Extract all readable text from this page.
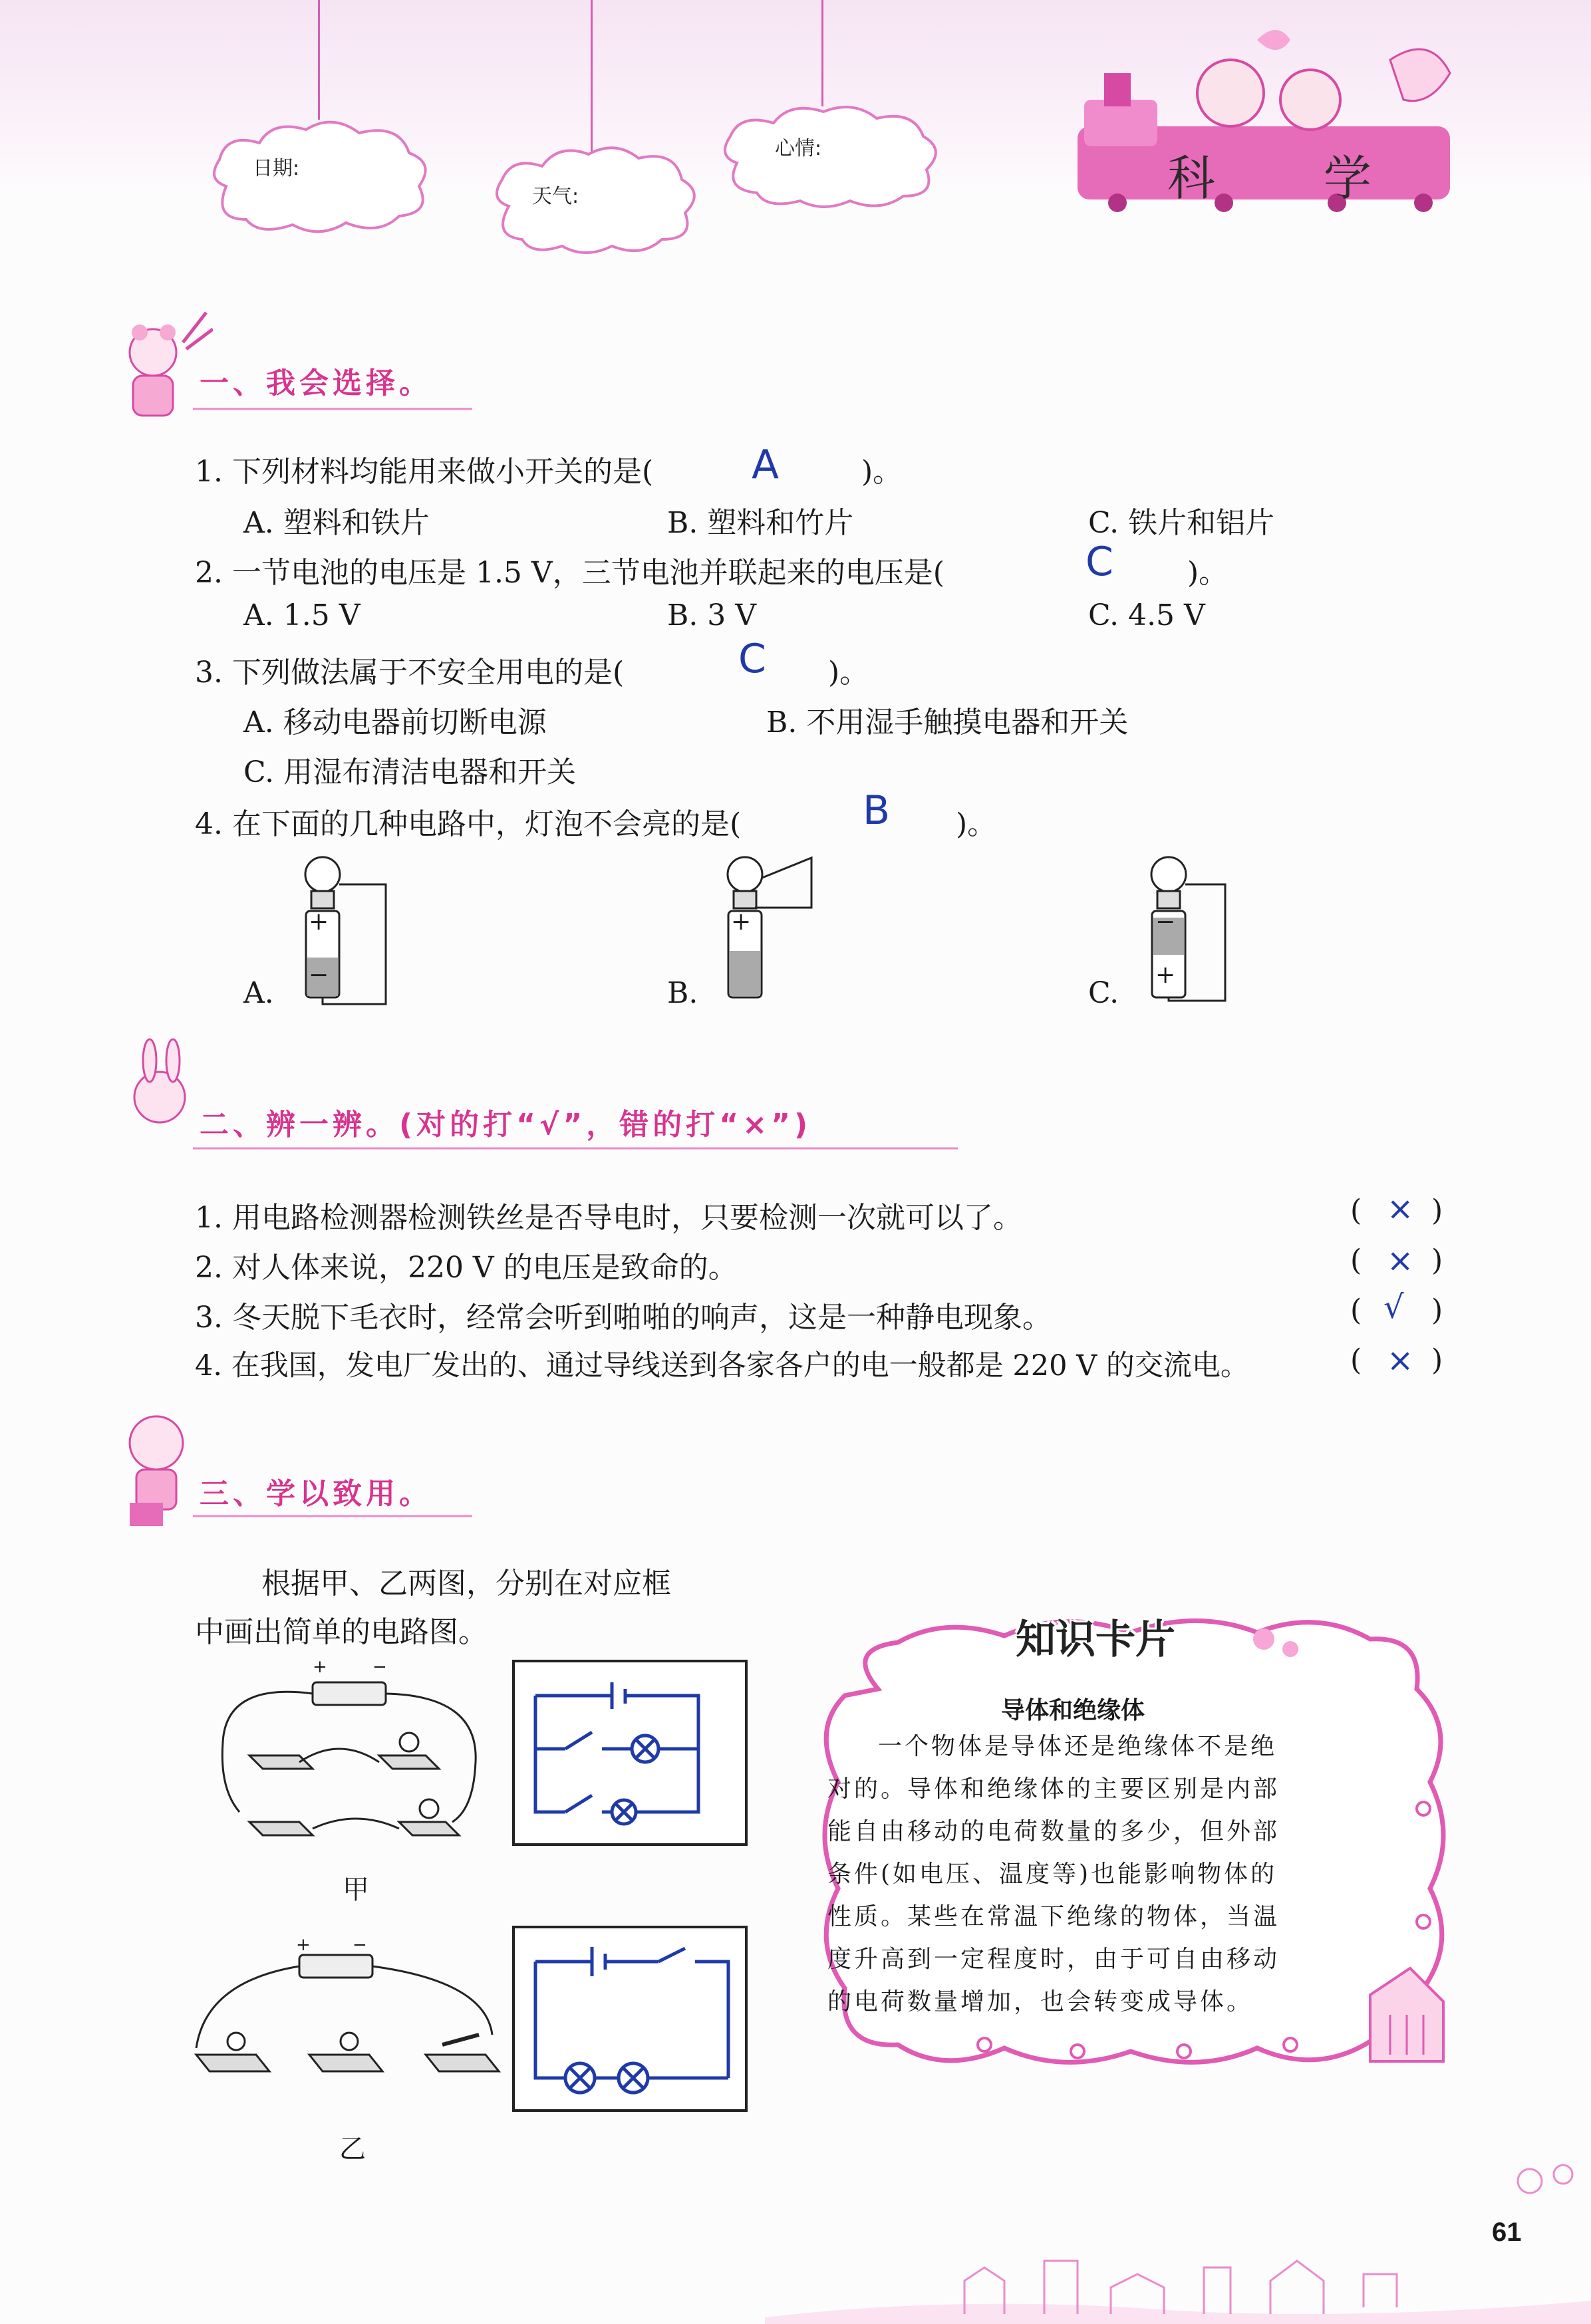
日期:
天气:
心情:
科 学
一、我会选择。
1. 下列材料均能用来做小开关的是( A	)。
A. 塑料和铁片	B. 塑料和竹片	C. 铁片和铝片
2. 一节电池的电压是 1.5 V，三节电池并联起来的电压是(	C	)。
A. 1.5 V	B. 3 V	C. 4.5 V
3. 下列做法属于不安全用电的是(	C )。
A. 移动电器前切断电源	B. 不用湿手触摸电器和开关
C. 用湿布清洁电器和开关
4. 在下面的几种电路中，灯泡不会亮的是(	B )。
+
−
A.
+
B.
−
+
C.
二、辨一辨。(对的打“√”，错的打“×”)
1. 用电路检测器检测铁丝是否导电时，只要检测一次就可以了。	( × )
2. 对人体来说，220 V 的电压是致命的。	( × )
3. 冬天脱下毛衣时，经常会听到啪啪的响声，这是一种静电现象。	( √ )
4. 在我国，发电厂发出的、通过导线送到各家各户的电一般都是 220 V 的交流电。	( × )
三、学以致用。
根据甲、乙两图，分别在对应框
中画出简单的电路图。
+	−
甲
+ −
乙
知识卡片
导体和绝缘体
一个物体是导体还是绝缘体不是绝
对的。导体和绝缘体的主要区别是内部
能自由移动的电荷数量的多少，但外部
条件(如电压、温度等)也能影响物体的
性质。某些在常温下绝缘的物体，当温
度升高到一定程度时，由于可自由移动
的电荷数量增加，也会转变成导体。
61
